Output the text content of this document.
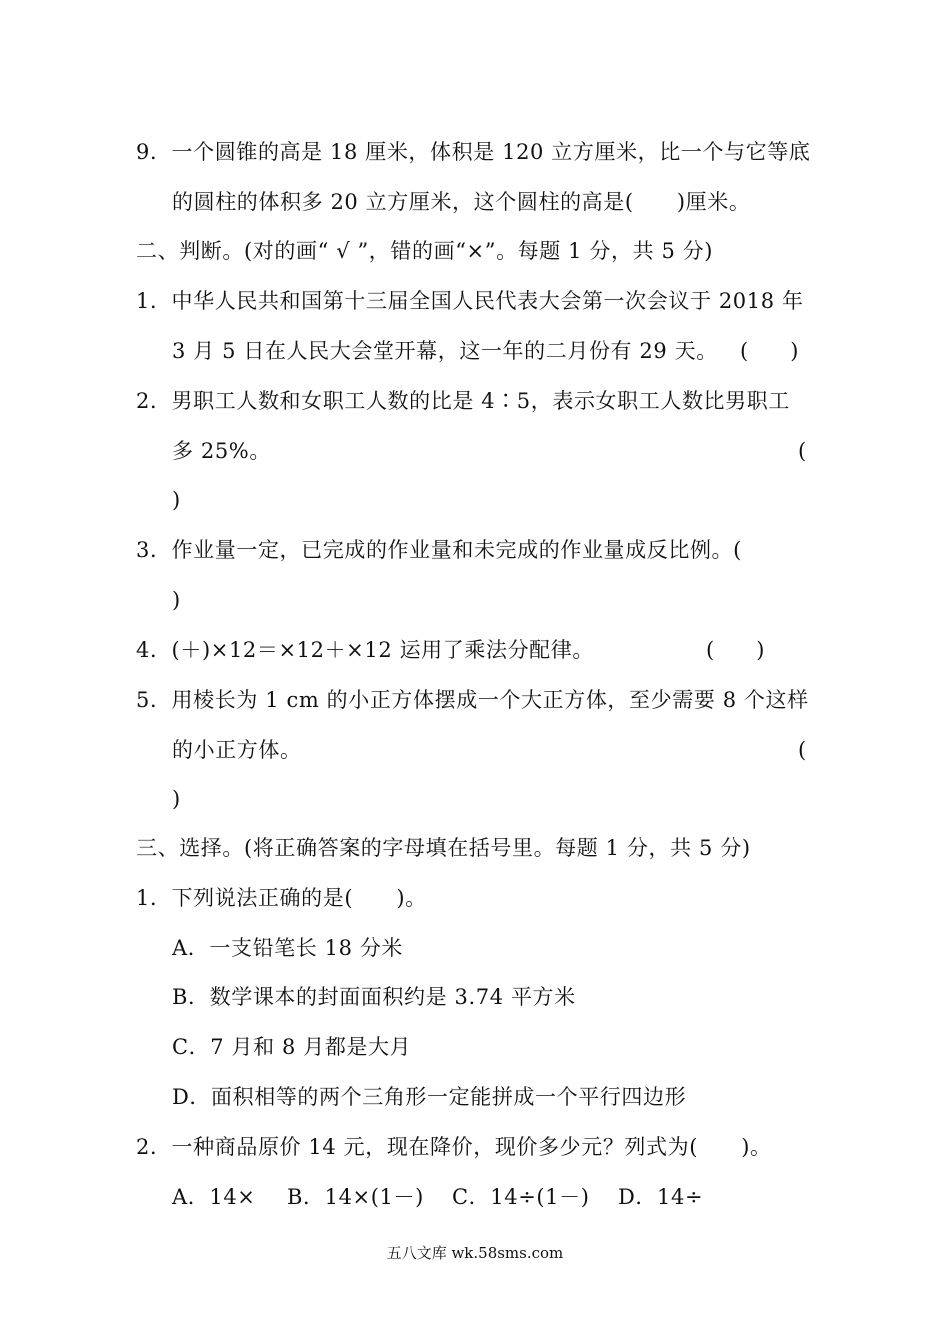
9．一个圆锥的高是 18 厘米，体积是 120 立方厘米，比一个与它等底
的圆柱的体积多 20 立方厘米，这个圆柱的高是(　　)厘米。
二、判断。(对的画“ √ ”，错的画“×”。每题 1 分，共 5 分)
1．中华人民共和国第十三届全国人民代表大会第一次会议于 2018 年
3 月 5 日在人民大会堂开幕，这一年的二月份有 29 天。 (　　)
2．男职工人数和女职工人数的比是 4∶5，表示女职工人数比男职工
多 25%。	(
)
3．作业量一定，已完成的作业量和未完成的作业量成反比例。(
)
4．(＋)×12＝×12＋×12 运用了乘法分配律。	(　　)
5．用棱长为 1 cm 的小正方体摆成一个大正方体，至少需要 8 个这样
的小正方体。	(
)
三、选择。(将正确答案的字母填在括号里。每题 1 分，共 5 分)
1．下列说法正确的是(　　)。
A．一支铅笔长 18 分米
B．数学课本的封面面积约是 3.74 平方米
C．7 月和 8 月都是大月
D．面积相等的两个三角形一定能拼成一个平行四边形
2．一种商品原价 14 元，现在降价，现价多少元？列式为(　　)。
A．14× B．14×(1－) C．14÷(1－) D．14÷
五八文库 wk.58sms.com
